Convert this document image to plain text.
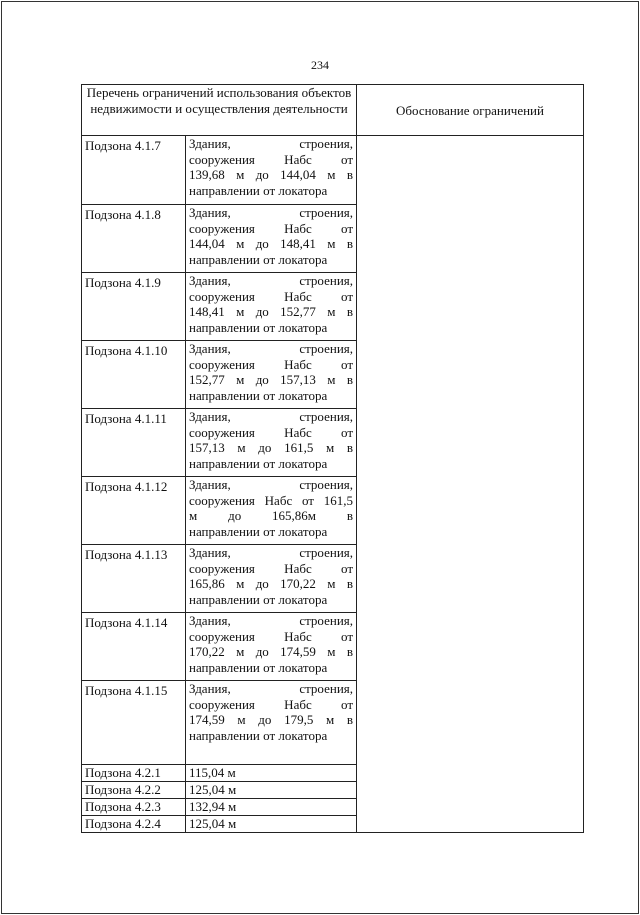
234
Перечень ограничений использования объектов недвижимости и осуществления деятельности		Обоснование ограничений
Подзона 4.1.7	Здания, строения,
сооружения Набс от
139,68 м до 144,04 м в
направлении от локатора	

Подзона 4.1.8	Здания, строения,
сооружения Набс от
144,04 м до 148,41 м в
направлении от локатора	

Подзона 4.1.9	Здания, строения,
сооружения Набс от
148,41 м до 152,77 м в
направлении от локатора	

Подзона 4.1.10	Здания, строения,
сооружения Набс от
152,77 м до 157,13 м в
направлении от локатора	

Подзона 4.1.11	Здания, строения,
сооружения Набс от
157,13 м до 161,5 м в
направлении от локатора	

Подзона 4.1.12	Здания, строения,
сооружения Набс от 161,5
м до 165,86м в
направлении от локатора	

Подзона 4.1.13	Здания, строения,
сооружения Набс от
165,86 м до 170,22 м в
направлении от локатора	

Подзона 4.1.14	Здания, строения,
сооружения Набс от
170,22 м до 174,59 м в
направлении от локатора	

Подзона 4.1.15	Здания, строения,
сооружения Набс от
174,59 м до 179,5 м в
направлении от локатора	

Подзона 4.2.1	115,04 м	
Подзона 4.2.2	125,04 м	
Подзона 4.2.3	132,94 м	
Подзона 4.2.4	125,04 м	
